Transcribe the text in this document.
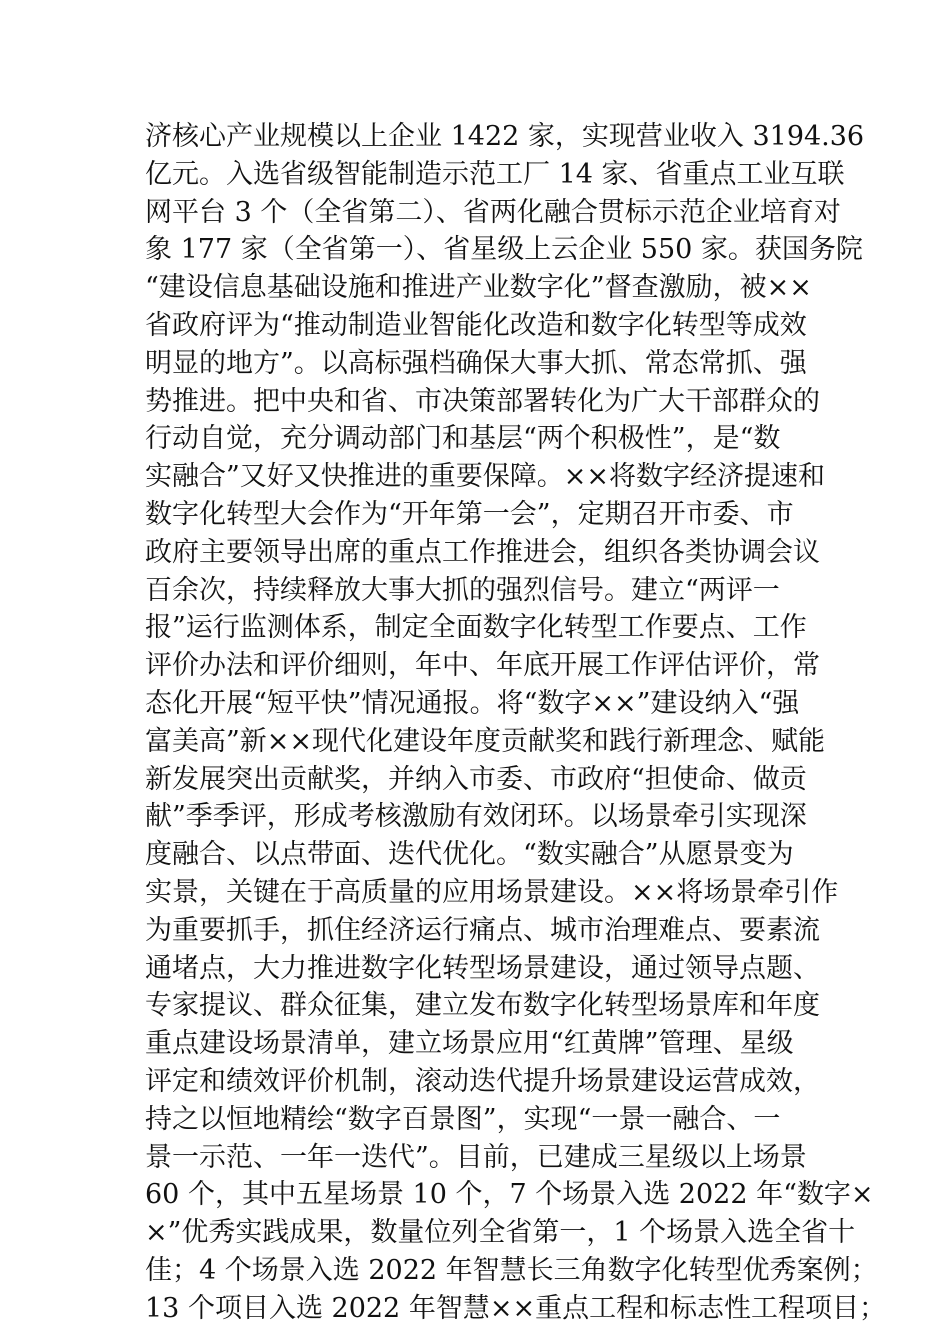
济核心产业规模以上企业 1422 家，实现营业收入 3194.36
亿元。入选省级智能制造示范工厂 14 家、省重点工业互联
网平台 3 个（全省第二）、省两化融合贯标示范企业培育对
象 177 家（全省第一）、省星级上云企业 550 家。获国务院
“建设信息基础设施和推进产业数字化”督查激励，被××
省政府评为“推动制造业智能化改造和数字化转型等成效
明显的地方”。以高标强档确保大事大抓、常态常抓、强
势推进。把中央和省、市决策部署转化为广大干部群众的
行动自觉，充分调动部门和基层“两个积极性”，是“数
实融合”又好又快推进的重要保障。××将数字经济提速和
数字化转型大会作为“开年第一会”，定期召开市委、市
政府主要领导出席的重点工作推进会，组织各类协调会议
百余次，持续释放大事大抓的强烈信号。建立“两评一
报”运行监测体系，制定全面数字化转型工作要点、工作
评价办法和评价细则，年中、年底开展工作评估评价，常
态化开展“短平快”情况通报。将“数字××”建设纳入“强
富美高”新××现代化建设年度贡献奖和践行新理念、赋能
新发展突出贡献奖，并纳入市委、市政府“担使命、做贡
献”季季评，形成考核激励有效闭环。以场景牵引实现深
度融合、以点带面、迭代优化。“数实融合”从愿景变为
实景，关键在于高质量的应用场景建设。××将场景牵引作
为重要抓手，抓住经济运行痛点、城市治理难点、要素流
通堵点，大力推进数字化转型场景建设，通过领导点题、
专家提议、群众征集，建立发布数字化转型场景库和年度
重点建设场景清单，建立场景应用“红黄牌”管理、星级
评定和绩效评价机制，滚动迭代提升场景建设运营成效，
持之以恒地精绘“数字百景图”，实现“一景一融合、一
景一示范、一年一迭代”。目前，已建成三星级以上场景
60 个，其中五星场景 10 个，7 个场景入选 2022 年“数字×
×”优秀实践成果，数量位列全省第一，1 个场景入选全省十
佳；4 个场景入选 2022 年智慧长三角数字化转型优秀案例；
13 个项目入选 2022 年智慧××重点工程和标志性工程项目；
